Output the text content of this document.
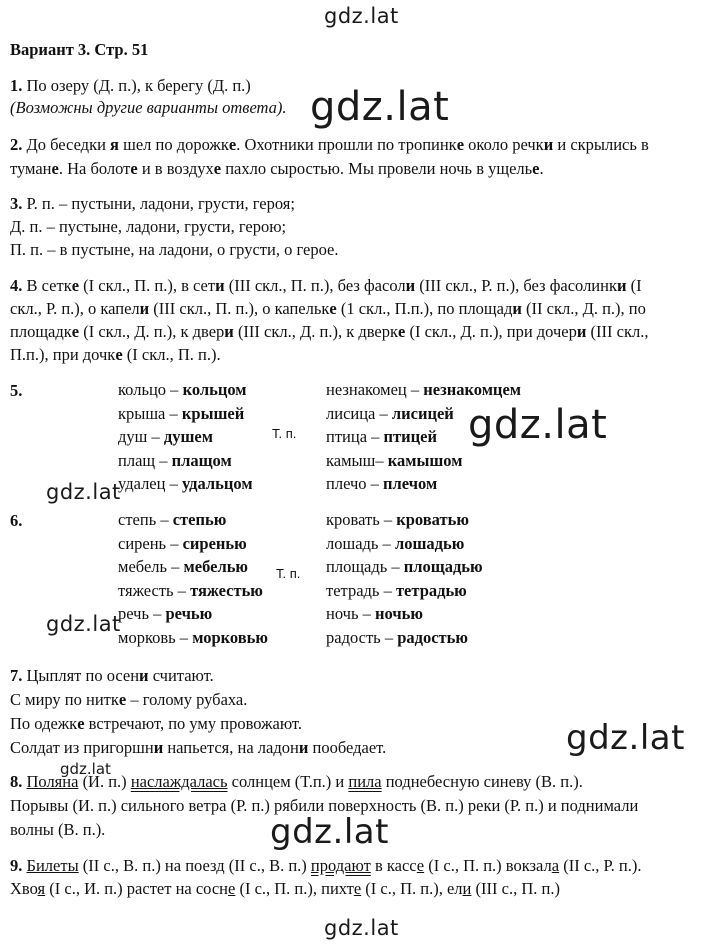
gdz.lat
gdz.lat
gdz.lat
gdz.lat
gdz.lat
gdz.lat
gdz.lat
gdz.lat
gdz.lat
Вариант 3. Стр. 51
1. По озеру (Д. п.), к берегу (Д. п.)
(Возможны другие варианты ответа).
2. До беседки я шел по дорожке. Охотники прошли по тропинке около речки и скрылись в
тумане. На болоте и в воздухе пахло сыростью. Мы провели ночь в ущелье.
3. Р. п. – пустыни, ладони, грусти, героя;
Д. п. – пустыне, ладони, грусти, герою;
П. п. – в пустыне, на ладони, о грусти, о герое.
4. В сетке (I скл., П. п.), в сети (III скл., П. п.), без фасоли (III скл., Р. п.), без фасолинки (I
скл., Р. п.), о капели (III скл., П. п.), о капельке (1 скл., П.п.), по площади (II скл., Д. п.), по
площадке (I скл., Д. п.), к двери (III скл., Д. п.), к дверке (I скл., Д. п.), при дочери (III скл.,
П.п.), при дочке (I скл., П. п.).
5.
Т. п.
кольцо – кольцом
крыша – крышей
душ – душем
плащ – плащом
удалец – удальцом
незнакомец – незнакомцем
лисица – лисицей
птица – птицей
камыш– камышом
плечо – плечом
6.
Т. п.
степь – степью
сирень – сиренью
мебель – мебелью
тяжесть – тяжестью
речь – речью
морковь – морковью
кровать – кроватью
лошадь – лошадью
площадь – площадью
тетрадь – тетрадью
ночь – ночью
радость – радостью
7. Цыплят по осени считают.
С миру по нитке – голому рубаха.
По одежке встречают, по уму провожают.
Солдат из пригоршни напьется, на ладони пообедает.
8. Поляна (И. п.) наслаждалась солнцем (Т.п.) и пила поднебесную синеву (В. п.).
Порывы (И. п.) сильного ветра (Р. п.) рябили поверхность (В. п.) реки (Р. п.) и поднимали
волны (В. п.).
9. Билеты (II с., В. п.) на поезд (II с., В. п.) продают в кассе (I с., П. п.) вокзала (II с., Р. п.).
Хвоя (I с., И. п.) растет на сосне (I с., П. п.), пихте (I с., П. п.), ели (III с., П. п.)
